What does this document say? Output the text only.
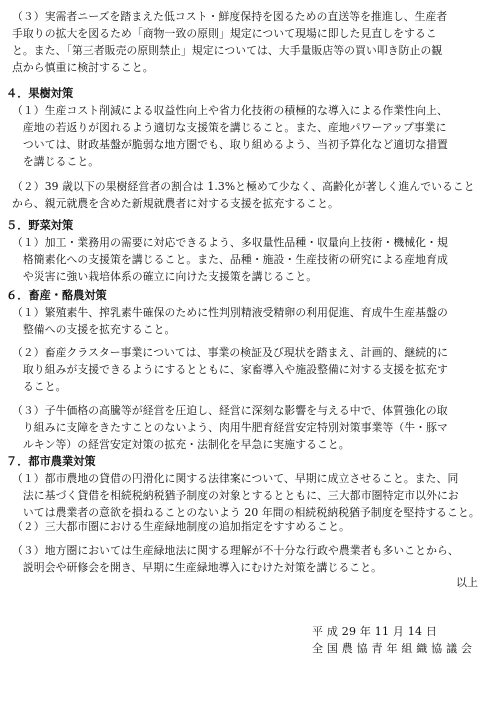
（３）実需者ニーズを踏まえた低コスト・鮮度保持を図るための直送等を推進し、生産者
手取りの拡大を図るため「商物一致の原則」規定について現場に即した見直しをするこ
と。また、「第三者販売の原則禁止」規定については、大手量販店等の買い叩き防止の観
点から慎重に検討すること。

４．果樹対策

（１）生産コスト削減による収益性向上や省力化技術の積極的な導入による作業性向上、
　産地の若返りが図れるよう適切な支援策を講じること。また、産地パワーアップ事業に
　ついては、財政基盤が脆弱な地方圏でも、取り組めるよう、当初予算化など適切な措置
　を講じること。

（２）39 歳以下の果樹経営者の割合は 1.3%と極めて少なく、高齢化が著しく進んでいること
から、親元就農を含めた新規就農者に対する支援を拡充すること。

５．野菜対策

（１）加工・業務用の需要に対応できるよう、多収量性品種・収量向上技術・機械化・規
　格簡素化への支援策を講じること。また、品種・施設・生産技術の研究による産地育成
　や災害に強い栽培体系の確立に向けた支援策を講じること。

６．畜産・酪農対策

（１）繁殖素牛、搾乳素牛確保のために性判別精液受精卵の利用促進、育成牛生産基盤の
　整備への支援を拡充すること。

（２）畜産クラスター事業については、事業の検証及び現状を踏まえ、計画的、継続的に
　取り組みが支援できるようにするとともに、家畜導入や施設整備に対する支援を拡充す
　ること。

（３）子牛価格の高騰等が経営を圧迫し、経営に深刻な影響を与える中で、体質強化の取
　り組みに支障をきたすことのないよう、肉用牛肥育経営安定特別対策事業等（牛・豚マ
　ルキン等）の経営安定対策の拡充・法制化を早急に実施すること。

７．都市農業対策

（１）都市農地の貸借の円滑化に関する法律案について、早期に成立させること。また、同
　法に基づく貸借を相続税納税猶予制度の対象とするとともに、三大都市圏特定市以外にお
　いては農業者の意欲を損ねることのないよう 20 年間の相続税納税猶予制度を堅持すること。

（２）三大都市圏における生産緑地制度の追加指定をすすめること。

（３）地方圏においては生産緑地法に関する理解が不十分な行政や農業者も多いことから、
　説明会や研修会を開き、早期に生産緑地導入にむけた対策を講じること。

以上
平 成 29 年 11 月 14 日
全 国 農 協 青 年 組 織 協 議 会
